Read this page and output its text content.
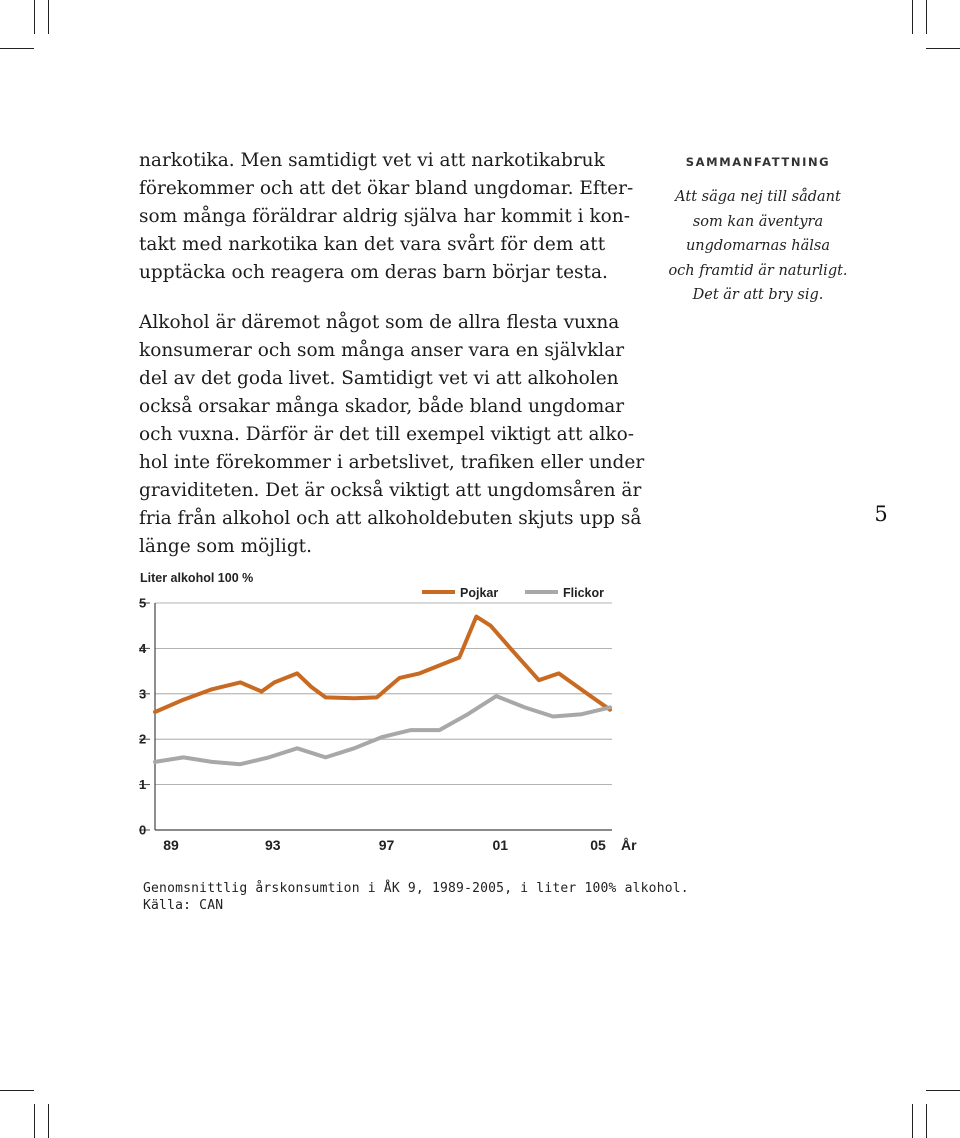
narkotika. Men samtidigt vet vi att narkotikabruk
förekommer och att det ökar bland ungdomar. Efter-
som många föräldrar aldrig själva har kommit i kon-
takt med narkotika kan det vara svårt för dem att
upptäcka och reagera om deras barn börjar testa.

Alkohol är däremot något som de allra flesta vuxna
konsumerar och som många anser vara en självklar
del av det goda livet. Samtidigt vet vi att alkoholen
också orsakar många skador, både bland ungdomar
och vuxna. Därför är det till exempel viktigt att alko-
hol inte förekommer i arbetslivet, trafiken eller under
graviditeten. Det är också viktigt att ungdomsåren är
fria från alkohol och att alkoholdebuten skjuts upp så
länge som möjligt.

SAMMANFATTNING
Att säga nej till sådant
som kan äventyra
ungdomarnas hälsa
och framtid är naturligt.
Det är att bry sig.
5
0
1
2
3
4
5
89	93	97	01	05
Pojkar	Flickor
Liter alkohol 100 %
År

Genomsnittlig årskonsumtion i ÅK 9, 1989-2005, i liter 100% alkohol.
Källa: CAN
